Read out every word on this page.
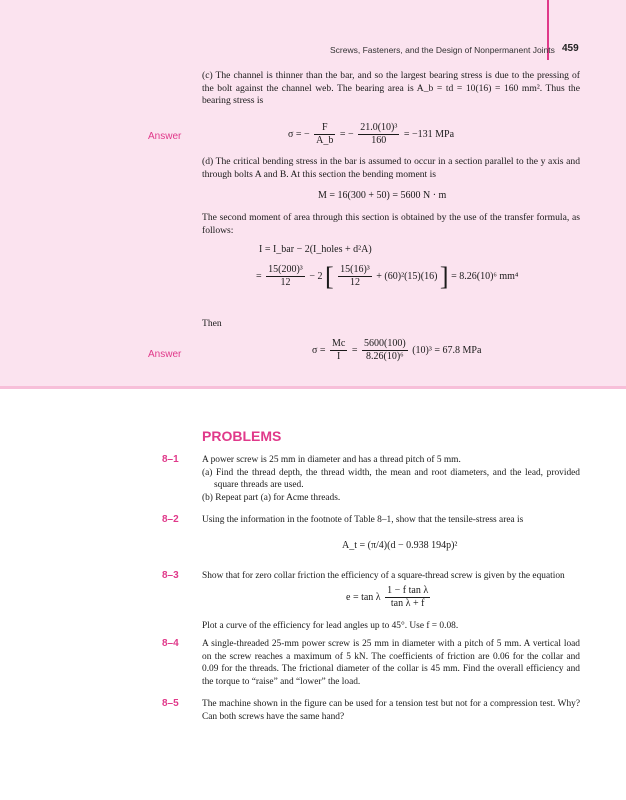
Screws, Fasteners, and the Design of Nonpermanent Joints 459
(c) The channel is thinner than the bar, and so the largest bearing stress is due to the pressing of the bolt against the channel web. The bearing area is A_b = td = 10(16) = 160 mm². Thus the bearing stress is
Answer	σ = − $\frac{F}{A\_b}$ = − $\frac{\text{21.0(10)³}}{160} = -131$ MPa
(d) The critical bending stress in the bar is assumed to occur in a section parallel to the y axis and through bolts A and B. At this section the bending moment is
M = 16(300 + 50) = 5600 N · m
The second moment of area through this section is obtained by the use of the transfer formula, as follows:
I = I_bar − 2(I_holes + d²A)
= $\frac{\text{15(200)³}}{12} - 2$ [ $\frac{\text{15(16)³}}{12} + (60)^2(15)(16)$ ] = 8.26(10)⁶ mm⁴
Then
Answer	$\sigma = \frac{Mc}{I} = \frac{5600(100)}{\text{8.26(10)⁶}} (10)^3 = 67.8$ MPa
PROBLEMS
8–1 A power screw is 25 mm in diameter and has a thread pitch of 5 mm.
(a) Find the thread depth, the thread width, the mean and root diameters, and the lead, provided square threads are used.
(b) Repeat part (a) for Acme threads.
8–2 Using the information in the footnote of Table 8–1, show that the tensile-stress area is
A_t = (π/4)(d − 0.938 194p)²
8–3 Show that for zero collar friction the efficiency of a square-thread screw is given by the equation
e = tan λ $\frac{\text{1 − f tan λ}}{\text{tan λ + f}}$
Plot a curve of the efficiency for lead angles up to 45°. Use f = 0.08.
8–4 A single-threaded 25-mm power screw is 25 mm in diameter with a pitch of 5 mm. A vertical load on the screw reaches a maximum of 5 kN. The coefficients of friction are 0.06 for the collar and 0.09 for the threads. The frictional diameter of the collar is 45 mm. Find the overall efficiency and the torque to “raise” and “lower” the load.
8–5 The machine shown in the figure can be used for a tension test but not for a compression test. Why? Can both screws have the same hand?
